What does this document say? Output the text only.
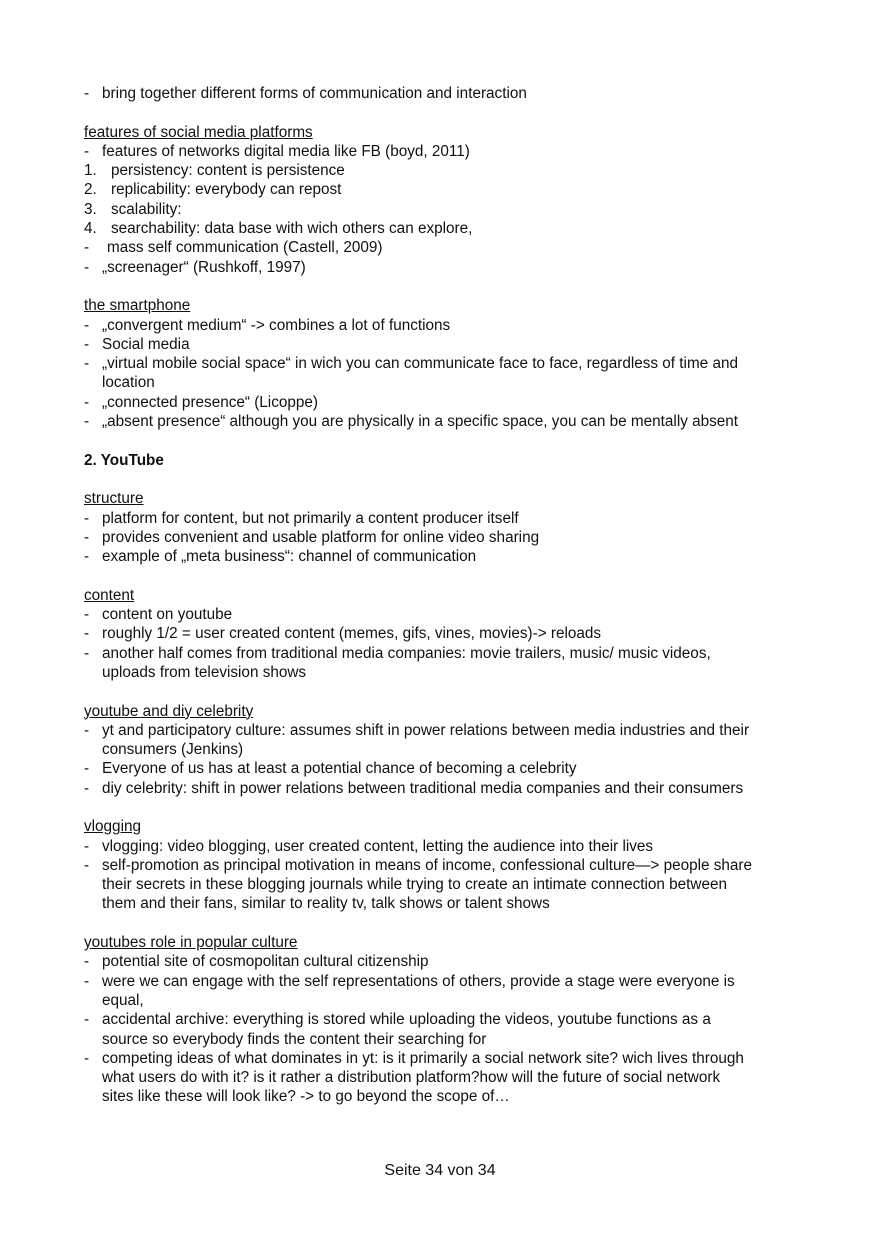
- bring together different forms of communication and interaction
features of social media platforms
- features of networks digital media like FB (boyd, 2011)
1. persistency: content is persistence
2. replicability: everybody can repost
3. scalability:
4. searchability: data base with wich others can explore,
- mass self communication (Castell, 2009)
- „screenager“ (Rushkoff, 1997)
the smartphone
- „convergent medium“ -> combines a lot of functions
- Social media
- „virtual mobile social space“ in wich you can communicate face to face, regardless of time and
location
- „connected presence“ (Licoppe)
- „absent presence“ although you are physically in a specific space, you can be mentally absent
2. YouTube
structure
- platform for content, but not primarily a content producer itself
- provides convenient and usable platform for online video sharing
- example of „meta business“: channel of communication
content
- content on youtube
- roughly 1/2 = user created content (memes, gifs, vines, movies)-> reloads
- another half comes from traditional media companies: movie trailers, music/ music videos,
uploads from television shows
youtube and diy celebrity
- yt and participatory culture: assumes shift in power relations between media industries and their
consumers (Jenkins)
- Everyone of us has at least a potential chance of becoming a celebrity
- diy celebrity: shift in power relations between traditional media companies and their consumers
vlogging
- vlogging: video blogging, user created content, letting the audience into their lives
- self-promotion as principal motivation in means of income, confessional culture—> people share
their secrets in these blogging journals while trying to create an intimate connection between
them and their fans, similar to reality tv, talk shows or talent shows
youtubes role in popular culture
- potential site of cosmopolitan cultural citizenship
- were we can engage with the self representations of others, provide a stage were everyone is
equal,
- accidental archive: everything is stored while uploading the videos, youtube functions as a
source so everybody finds the content their searching for
- competing ideas of what dominates in yt: is it primarily a social network site? wich lives through
what users do with it? is it rather a distribution platform?how will the future of social network
sites like these will look like? -> to go beyond the scope of…
Seite 34 von 34
